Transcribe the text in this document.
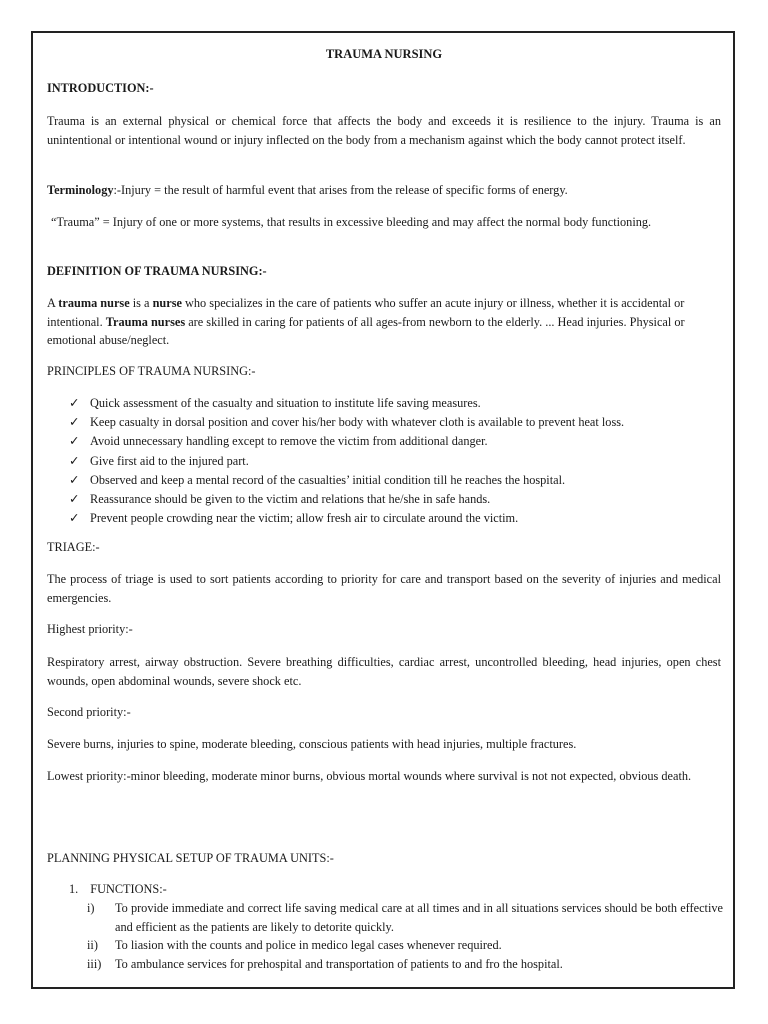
TRAUMA NURSING
INTRODUCTION:-

Trauma is an external physical or chemical force that affects the body and exceeds it is resilience to the injury. Trauma is an unintentional or intentional wound or injury inflected on the body from a mechanism against which the body cannot protect itself.

Terminology:-Injury = the result of harmful event that arises from the release of specific forms of energy.

“Trauma” = Injury of one or more systems, that results in excessive bleeding and may affect the normal body functioning.

DEFINITION OF TRAUMA NURSING:-

A trauma nurse is a nurse who specializes in the care of patients who suffer an acute injury or illness, whether it is accidental or intentional. Trauma nurses are skilled in caring for patients of all ages-from newborn to the elderly. ... Head injuries. Physical or emotional abuse/neglect.

PRINCIPLES OF TRAUMA NURSING:-
✓ Quick assessment of the casualty and situation to institute life saving measures.
✓ Keep casualty in dorsal position and cover his/her body with whatever cloth is available to prevent heat loss.
✓ Avoid unnecessary handling except to remove the victim from additional danger.
✓ Give first aid to the injured part.
✓ Observed and keep a mental record of the casualties’ initial condition till he reaches the hospital.
✓ Reassurance should be given to the victim and relations that he/she in safe hands.
✓ Prevent people crowding near the victim; allow fresh air to circulate around the victim.
TRIAGE:-

The process of triage is used to sort patients according to priority for care and transport based on the severity of injuries and medical emergencies.

Highest priority:-

Respiratory arrest, airway obstruction. Severe breathing difficulties, cardiac arrest, uncontrolled bleeding, head injuries, open chest wounds, open abdominal wounds, severe shock etc.

Second priority:-

Severe burns, injuries to spine, moderate bleeding, conscious patients with head injuries, multiple fractures.

Lowest priority:-minor bleeding, moderate minor burns, obvious mortal wounds where survival is not not expected, obvious death.

PLANNING PHYSICAL SETUP OF TRAUMA UNITS:-
1. FUNCTIONS:-
i) To provide immediate and correct life saving medical care at all times and in all situations services should be both effective and efficient as the patients are likely to detorite quickly.
ii) To liasion with the counts and police in medico legal cases whenever required.
iii) To ambulance services for prehospital and transportation of patients to and fro the hospital.
